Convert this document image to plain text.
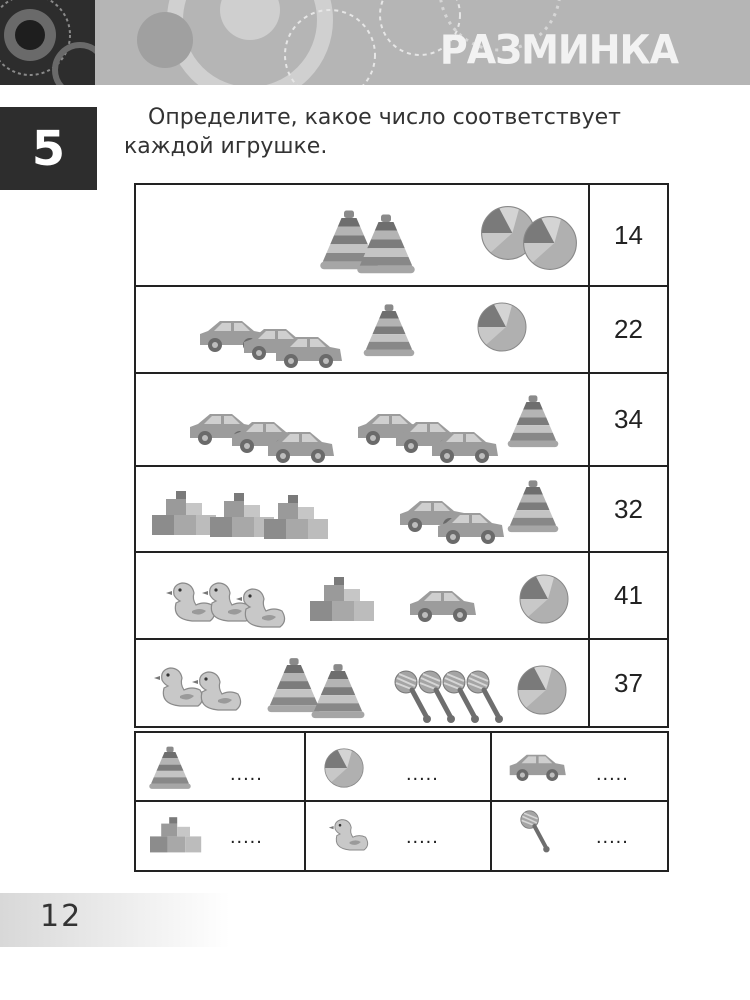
РАЗМИНКА
5
Определите, какое число соответствует
каждой игрушке.
14
22
34
32
41
37
.....	.....	.....
.....	.....	.....
12
